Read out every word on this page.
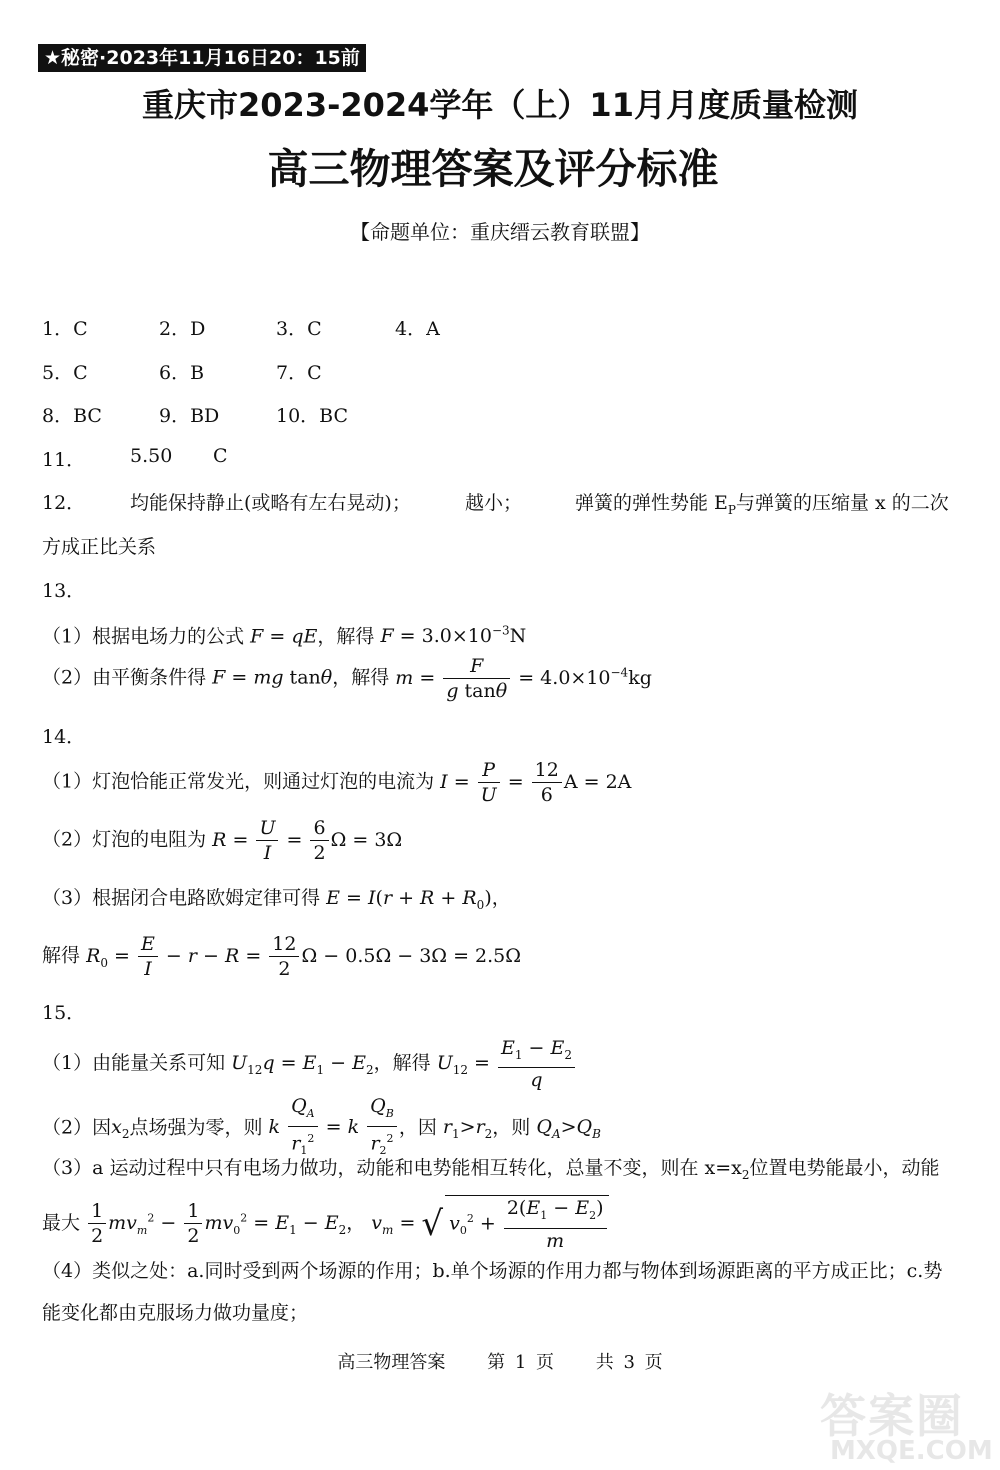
★秘密·2023年11月16日20：15前
重庆市2023-2024学年（上）11月月度质量检测
高三物理答案及评分标准
【命题单位：重庆缙云教育联盟】
1．C	2．D	3．C	4．A
5．C	6．B	7．C
8．BC	9．BD	10．BC
11． 5.50 C
12． 均能保持静止(或略有左右晃动)；	越小；	弹簧的弹性势能 $E_P$与弹簧的压缩量 x 的二次
方成正比关系
13．
（1）根据电场力的公式 F = qE，解得 $F = 3.0\times 10^{-3}N$
（2）由平衡条件得 F = mg tanθ，解得 $m = \frac{F}{\text{g tanθ}} = 4.0\times 10^{-4}kg$
14．
（1）灯泡恰能正常发光，则通过灯泡的电流为 $I = \frac{P}{U} = \frac{12}{6}$ A = 2A
（2）灯泡的电阻为 $R = \frac{U}{I} = \frac{6}{2}$ Ω = 3Ω
（3）根据闭合电路欧姆定律可得 $E = I(r + R + R_0)$，
解得 $R_0 = \frac{E}{I} - r - R = \frac{12}{2}$ Ω − 0.5Ω − 3Ω = 2.5Ω
15．
（1）由能量关系可知 $U_{12}q = E_1 - E_2$，解得 $U_{12} = \frac{E_1 - E_2}{q}$
（2）因$x_2$点场强为零，则 k $\frac{Q_A}{r_1^2} = k \frac{Q_B}{r_2^2}$ ，因 $r_1>r_2$，则 $Q_A>Q_B$
（3）a 运动过程中只有电场力做功，动能和电势能相互转化，总量不变，则在 $x=x_2$位置电势能最小，动能
最大 $\frac{1}{2} mv_m^2 - \frac{1}{2} mv_0^2 = E_1 - E_2$， $v_m$ = √ $v_0^2 + \frac{2(E_1 - E_2)}{m}$
（4）类似之处：a.同时受到两个场源的作用；b.单个场源的作用力都与物体到场源距离的平方成正比；c.势
能变化都由克服场力做功量度；
高三物理答案 第 1 页 共 3 页
答案圈
MXQE.COM
